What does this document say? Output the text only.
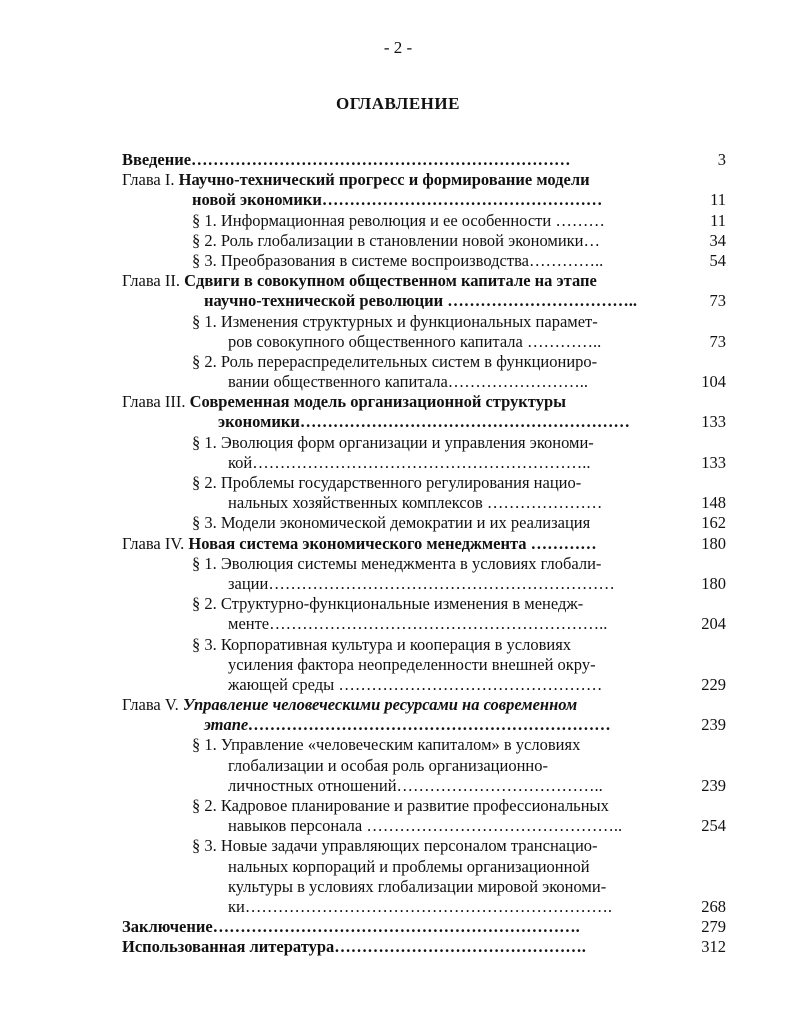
- 2 -
ОГЛАВЛЕНИЕ
Введение……………………………………………………………	3
Глава I. Научно-технический прогресс и формирование модели
новой экономики……………………………………………	11
§ 1. Информационная революция и ее особенности ………	11
§ 2. Роль глобализации в становлении новой экономики…	34
§ 3. Преобразования в системе воспроизводства…………..	54
Глава II. Сдвиги в совокупном общественном капитале на этапе
научно-технической революции ……………………………..	73
§ 1. Изменения структурных и функциональных парамет-
ров совокупного общественного капитала …………..	73
§ 2. Роль перераспределительных систем в функциониро-
вании общественного капитала……………………..	104
Глава III. Современная модель организационной структуры
экономики……………………………………………………	133
§ 1. Эволюция форм организации и управления экономи-
кой……………………………………………………..	133
§ 2. Проблемы государственного регулирования нацио-
нальных хозяйственных комплексов …………………	148
§ 3. Модели экономической демократии и их реализация	162
Глава IV. Новая система экономического менеджмента …………	180
§ 1. Эволюция системы менеджмента в условиях глобали-
зации………………………………………………………	180
§ 2. Структурно-функциональные изменения в менедж-
менте……………………………………………………..	204
§ 3. Корпоративная культура и кооперация в условиях
усиления фактора неопределенности внешней окру-
жающей среды …………………………………………	229
Глава V. Управление человеческими ресурсами на современном
этапе…………………………………………………………	239
§ 1. Управление «человеческим капиталом» в условиях
глобализации и особая роль организационно-
личностных отношений………………………………..	239
§ 2. Кадровое планирование и развитие профессиональных
навыков персонала ………………………………………..	254
§ 3. Новые задачи управляющих персоналом транснацио-
нальных корпораций и проблемы организационной
культуры в условиях глобализации мировой экономи-
ки………………………………………………………….	268
Заключение………………………………………………………….	279
Использованная литература……………………………………….	312
